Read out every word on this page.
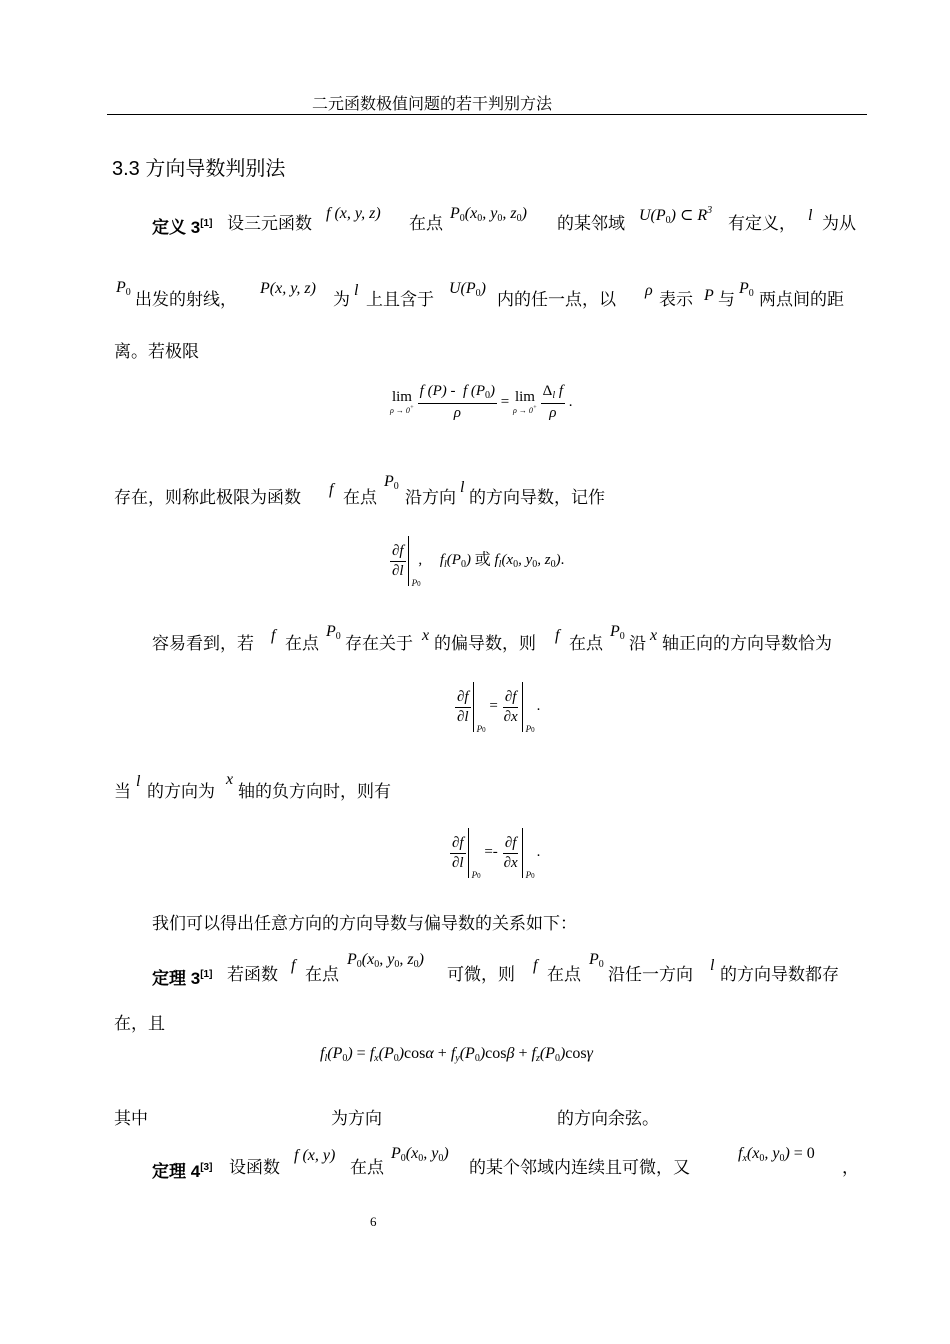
二元函数极值问题的若干判别方法
3.3 方向导数判别法
定义 3[1] 设三元函数
f (x, y, z)
在点
$P_0(x_0$, $y_0$, $z_0$)
的某邻域 $U(P_0)$ ⊂ $R^3$
有定义， l 为从
$P_0$ 出发的射线，
P(x, y, z)
为 l 上且含于
$U(P_0)$
内的任一点，以 ρ 表示 P 与
$P_0$ 两点间的距
离。若极限
lim
ρ → 0+
$\frac{f (P) - f (P_0)}{\rho} = \lim$
ρ → 0+
$\frac{\Delta_l f}{\rho}$ .
存在，则称此极限为函数 f 在点
$P_0$
沿方向
l
的方向导数，记作
$\frac{\partial f}{\partial l}$
P0
, $f_l(P_0)$ 或 $f_l(x_0$, $y_0$, $z_0$).
容易看到，若 f 在点
$P_0$ 存在关于 x 的偏导数，则 f 在点
$P_0$ 沿 x 轴正向的方向导数恰为
$\frac{\partial f}{\partial l}$
P0
= $\frac{\partial f}{\partial x}$
P0
.
当
l
的方向为
x
轴的负方向时，则有
$\frac{\partial f}{\partial l}$
P0
=- $\frac{\partial f}{\partial x}$
P0
.
我们可以得出任意方向的方向导数与偏导数的关系如下：
定理 3[1] 若函数 f 在点
$P_0(x_0$, $y_0$, $z_0$)
可微，则 f 在点
$P_0$
沿任一方向 l 的方向导数都存
在，且
$fl(P_0) = fx(P_0)\cos\alpha + fy(P_0)\cos\beta + fz(P_0)\cos\gamma$
其中	为方向	的方向余弦。
定理 4[3] 设函数
f (x, y)
在点
$P_0(x_0$, $y_0$)
的某个邻域内连续且可微，又
$fx(x_0$, $y_0) = 0$
，
6
